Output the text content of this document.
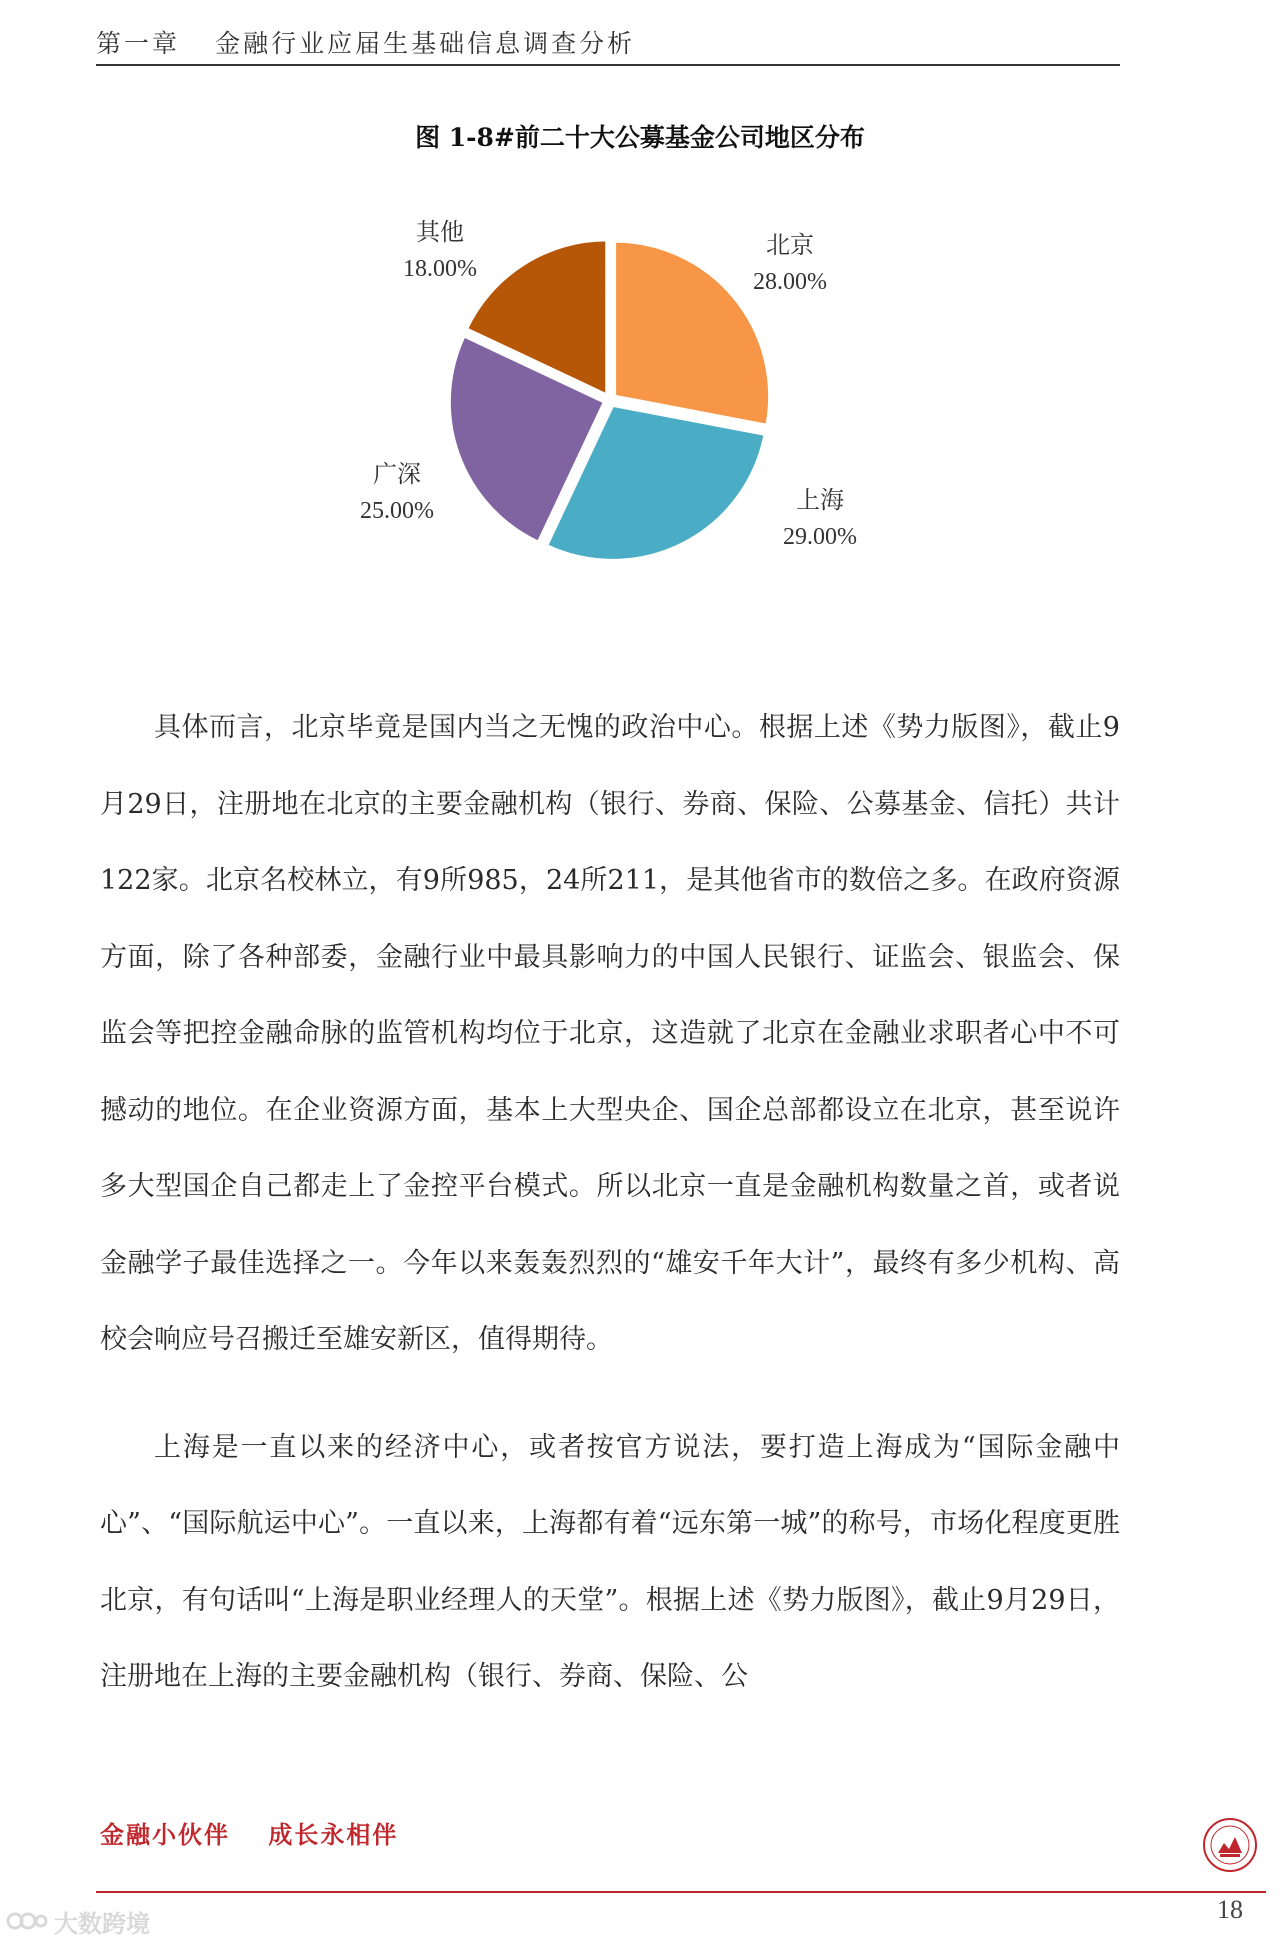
第一章 金融行业应届生基础信息调查分析
图 1-8#前二十大公募基金公司地区分布
北京
28.00%
上海
29.00%
广深
25.00%
其他
18.00%

具体而言，北京毕竟是国内当之无愧的政治中心。根据上述《势力版图》，截止9月29日，注册地在北京的主要金融机构（银行、券商、保险、公募基金、信托）共计122家。北京名校林立，有9所985，24所211，是其他省市的数倍之多。在政府资源方面，除了各种部委，金融行业中最具影响力的中国人民银行、证监会、银监会、保监会等把控金融命脉的监管机构均位于北京，这造就了北京在金融业求职者心中不可撼动的地位。在企业资源方面，基本上大型央企、国企总部都设立在北京，甚至说许多大型国企自己都走上了金控平台模式。所以北京一直是金融机构数量之首，或者说金融学子最佳选择之一。今年以来轰轰烈烈的“雄安千年大计”，最终有多少机构、高校会响应号召搬迁至雄安新区，值得期待。

上海是一直以来的经济中心，或者按官方说法，要打造上海成为“国际金融中心”、“国际航运中心”。一直以来，上海都有着“远东第一城”的称号，市场化程度更胜北京，有句话叫“上海是职业经理人的天堂”。根据上述《势力版图》，截止9月29日，注册地在上海的主要金融机构（银行、券商、保险、公

金融小伙伴 成长永相伴
18
大数跨境
